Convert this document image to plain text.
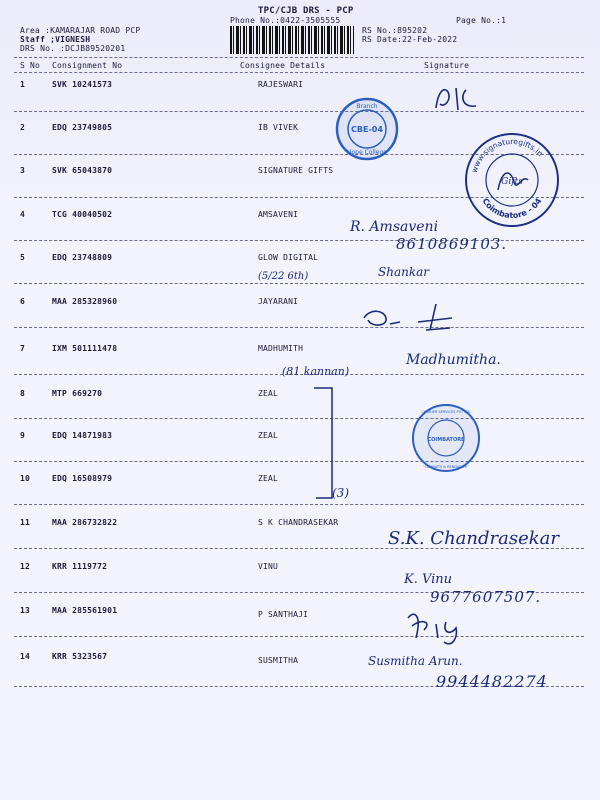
TPC/CJB DRS - PCP
Phone No.:0422-3505555	Page No.:1
Area :KAMARAJAR ROAD PCP
Staff ;VIGNESH
DRS No. :DCJB89520201
RS No.:895202
RS Date:22-Feb-2022
S No Consignment No	Consignee Details	Signature
1	SVK 10241573	RAJESWARI
2	EDQ 23749805	IB VIVEK
3	SVK 65043870	SIGNATURE GIFTS
4	TCG 40040502	AMSAVENI
5	EDQ 23748809	GLOW DIGITAL
6	MAA 285328960	JAYARANI
7	IXM 501111478	MADHUMITH
8	MTP 669270	ZEAL
9	EDQ 14871983	ZEAL
10	EDQ 16508979	ZEAL
11	MAA 286732822	S K CHANDRASEKAR
12	KRR 1119772	VINU
13	MAA 285561901	P SANTHAJI
14	KRR 5323567	SUSMITHA
CBE-04
Hope College
Branch
www.signaturegifts.in
Coimbatore - 04
Gifts
COIMBATORE
COURIER SERVICES PVT LTD
KALAMBATTI & RENDAIYERAS
R. Amsaveni
8610869103.
(5/22 6th)	Shankar
(81 kannan)
Madhumitha.
(3)
S.K. Chandrasekar
K. Vinu
9677607507.
Susmitha Arun.
9944482274
